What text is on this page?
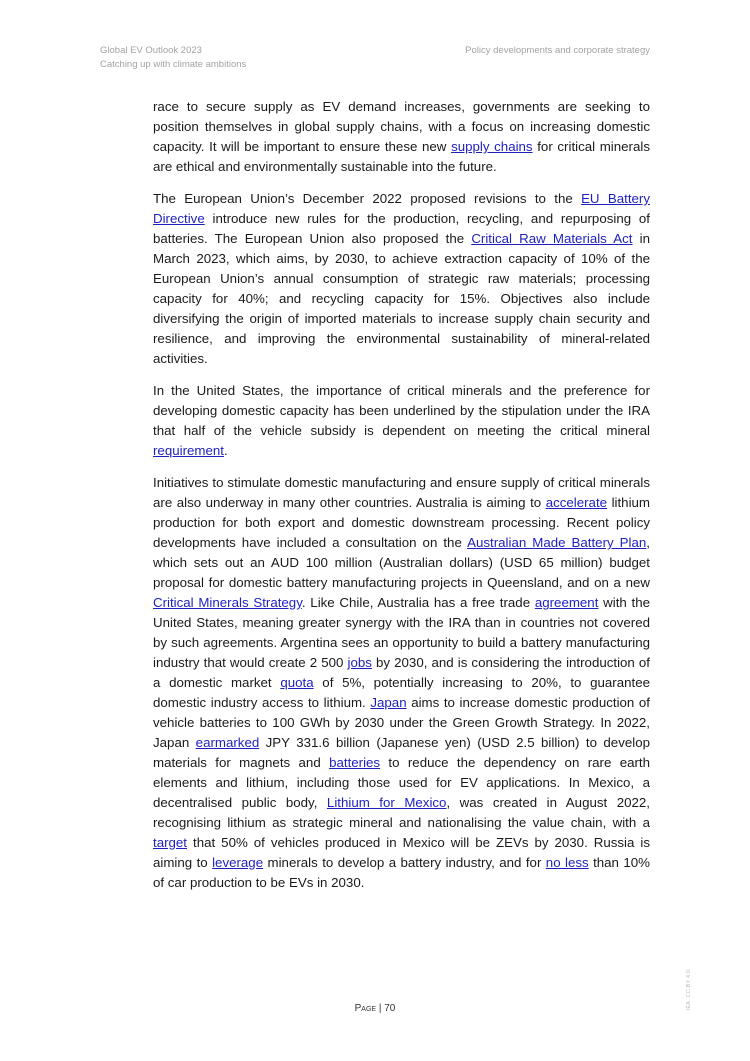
Global EV Outlook 2023
Catching up with climate ambitions
Policy developments and corporate strategy

race to secure supply as EV demand increases, governments are seeking to position themselves in global supply chains, with a focus on increasing domestic capacity. It will be important to ensure these new supply chains for critical minerals are ethical and environmentally sustainable into the future.

The European Union’s December 2022 proposed revisions to the EU Battery Directive introduce new rules for the production, recycling, and repurposing of batteries. The European Union also proposed the Critical Raw Materials Act in March 2023, which aims, by 2030, to achieve extraction capacity of 10% of the European Union’s annual consumption of strategic raw materials; processing capacity for 40%; and recycling capacity for 15%. Objectives also include diversifying the origin of imported materials to increase supply chain security and resilience, and improving the environmental sustainability of mineral-related activities.

In the United States, the importance of critical minerals and the preference for developing domestic capacity has been underlined by the stipulation under the IRA that half of the vehicle subsidy is dependent on meeting the critical mineral requirement.

Initiatives to stimulate domestic manufacturing and ensure supply of critical minerals are also underway in many other countries. Australia is aiming to accelerate lithium production for both export and domestic downstream processing. Recent policy developments have included a consultation on the Australian Made Battery Plan, which sets out an AUD 100 million (Australian dollars) (USD 65 million) budget proposal for domestic battery manufacturing projects in Queensland, and on a new Critical Minerals Strategy. Like Chile, Australia has a free trade agreement with the United States, meaning greater synergy with the IRA than in countries not covered by such agreements. Argentina sees an opportunity to build a battery manufacturing industry that would create 2 500 jobs by 2030, and is considering the introduction of a domestic market quota of 5%, potentially increasing to 20%, to guarantee domestic industry access to lithium. Japan aims to increase domestic production of vehicle batteries to 100 GWh by 2030 under the Green Growth Strategy. In 2022, Japan earmarked JPY 331.6 billion (Japanese yen) (USD 2.5 billion) to develop materials for magnets and batteries to reduce the dependency on rare earth elements and lithium, including those used for EV applications. In Mexico, a decentralised public body, Lithium for Mexico, was created in August 2022, recognising lithium as strategic mineral and nationalising the value chain, with a target that 50% of vehicles produced in Mexico will be ZEVs by 2030. Russia is aiming to leverage minerals to develop a battery industry, and for no less than 10% of car production to be EVs in 2030.

Page | 70	IEA. CC BY 4.0.
